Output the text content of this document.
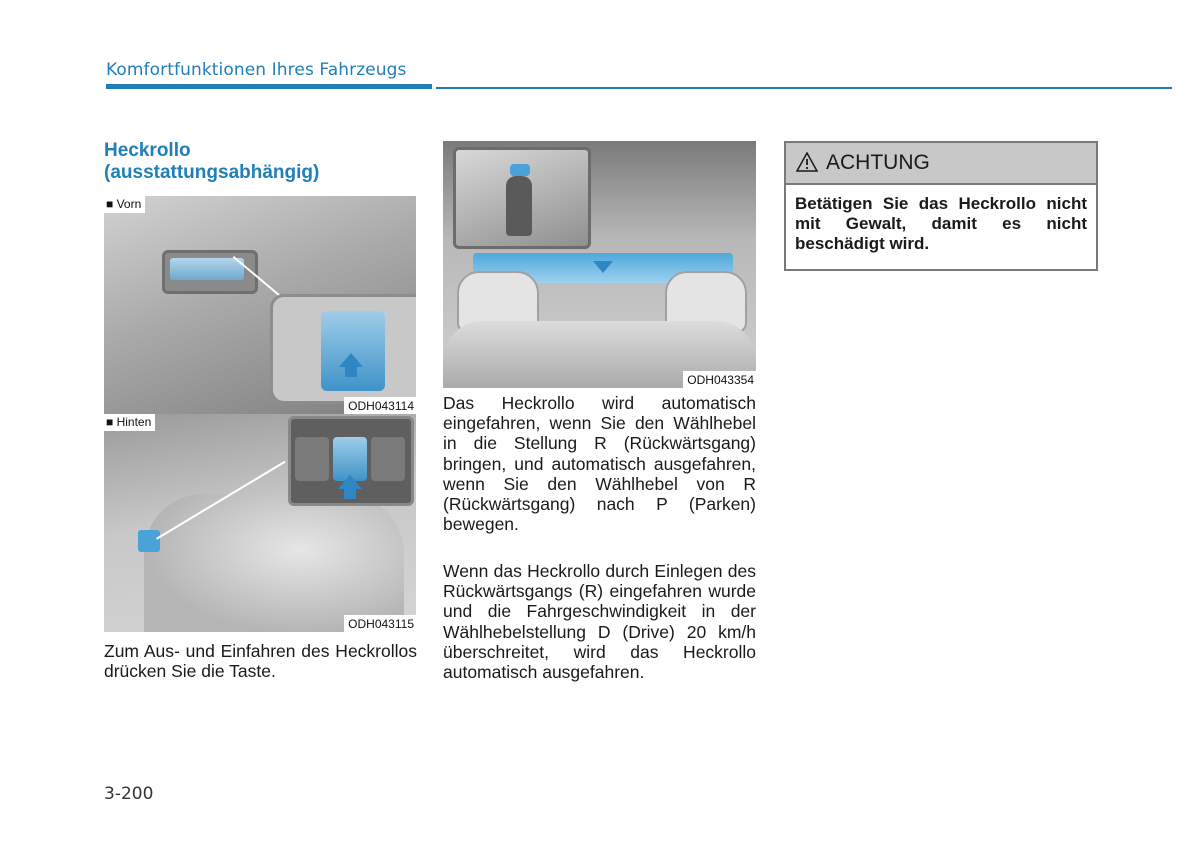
Komfortfunktionen Ihres Fahrzeugs
Heckrollo
(ausstattungsabhängig)
■ Vorn
ODH043114
■ Hinten
ODH043115
ODH043354
Zum Aus- und Einfahren des Heckrollos drücken Sie die Taste.
Das Heckrollo wird automatisch eingefahren, wenn Sie den Wählhebel in die Stellung R (Rückwärtsgang) bringen, und automatisch ausgefahren, wenn Sie den Wählhebel von R (Rückwärtsgang) nach P (Parken) bewegen.
Wenn das Heckrollo durch Einlegen des Rückwärtsgangs (R) eingefahren wurde und die Fahrgeschwindigkeit in der Wählhebelstellung D (Drive) 20 km/h überschreitet, wird das Heckrollo automatisch ausgefahren.
ACHTUNG
Betätigen Sie das Heckrollo nicht mit Gewalt, damit es nicht beschädigt wird.
3-200
